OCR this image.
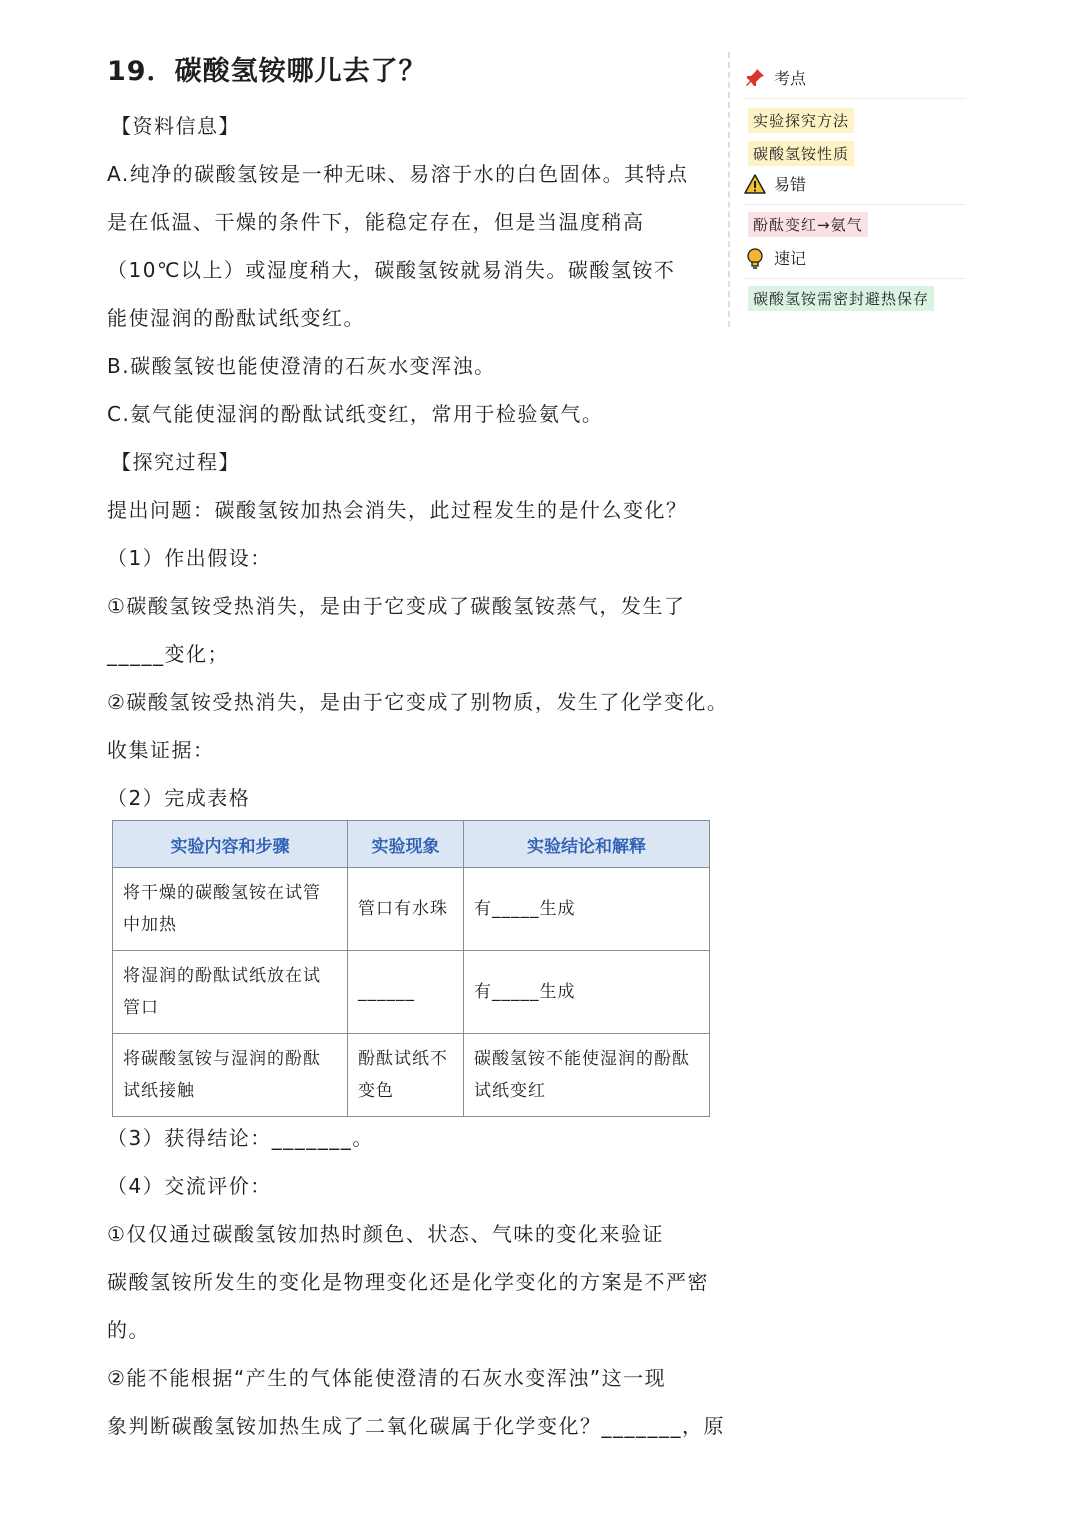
19．碳酸氢铵哪儿去了？
【资料信息】
A.纯净的碳酸氢铵是一种无味、易溶于水的白色固体。其特点
是在低温、干燥的条件下，能稳定存在，但是当温度稍高
（10℃以上）或湿度稍大，碳酸氢铵就易消失。碳酸氢铵不
能使湿润的酚酞试纸变红。
B.碳酸氢铵也能使澄清的石灰水变浑浊。
C.氨气能使湿润的酚酞试纸变红，常用于检验氨气。
【探究过程】
提出问题：碳酸氢铵加热会消失，此过程发生的是什么变化？
（1）作出假设：
①碳酸氢铵受热消失，是由于它变成了碳酸氢铵蒸气，发生了
_____变化；
②碳酸氢铵受热消失，是由于它变成了别物质，发生了化学变化。
收集证据：
（2）完成表格
实验内容和步骤	实验现象	实验结论和解释
将干燥的碳酸氢铵在试管中加热	管口有水珠	有_____生成
将湿润的酚酞试纸放在试管口	______	有_____生成
将碳酸氢铵与湿润的酚酞试纸接触	酚酞试纸不变色	碳酸氢铵不能使湿润的酚酞试纸变红
（3）获得结论：_______。
（4）交流评价：
①仅仅通过碳酸氢铵加热时颜色、状态、气味的变化来验证
碳酸氢铵所发生的变化是物理变化还是化学变化的方案是不严密
的。
②能不能根据“产生的气体能使澄清的石灰水变浑浊”这一现
象判断碳酸氢铵加热生成了二氧化碳属于化学变化？_______，原
考点
实验探究方法
碳酸氢铵性质
易错
酚酞变红→氨气
速记
碳酸氢铵需密封避热保存
